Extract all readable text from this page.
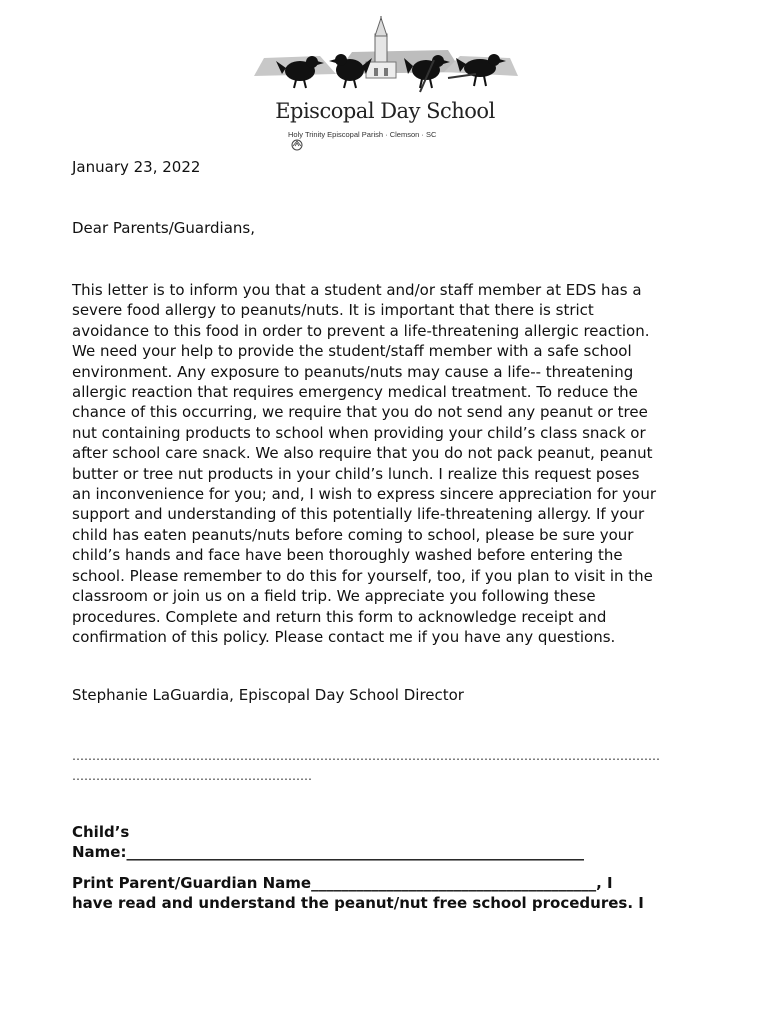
Episcopal Day School
Holy Trinity Episcopal Parish · Clemson · SC
January 23, 2022
Dear Parents/Guardians,

This letter is to inform you that a student and/or staff member at EDS has a
severe food allergy to peanuts/nuts. It is important that there is strict
avoidance to this food in order to prevent a life-threatening allergic reaction.
We need your help to provide the student/staff member with a safe school
environment. Any exposure to peanuts/nuts may cause a life-- threatening
allergic reaction that requires emergency medical treatment. To reduce the
chance of this occurring, we require that you do not send any peanut or tree
nut containing products to school when providing your child’s class snack or
after school care snack. We also require that you do not pack peanut, peanut
butter or tree nut products in your child’s lunch. I realize this request poses
an inconvenience for you; and, I wish to express sincere appreciation for your
support and understanding of this potentially life-threatening allergy. If your
child has eaten peanuts/nuts before coming to school, please be sure your
child’s hands and face have been thoroughly washed before entering the
school. Please remember to do this for yourself, too, if you plan to visit in the
classroom or join us on a field trip. We appreciate you following these
procedures. Complete and return this form to acknowledge receipt and
confirmation of this policy. Please contact me if you have any questions.

Stephanie LaGuardia, Episcopal Day School Director
…………………………………………………………………………………………………………………………………
……………………………………………………
Child’s
Name:_____________________________________________________________
Print Parent/Guardian Name______________________________________, I
have read and understand the peanut/nut free school procedures. I
